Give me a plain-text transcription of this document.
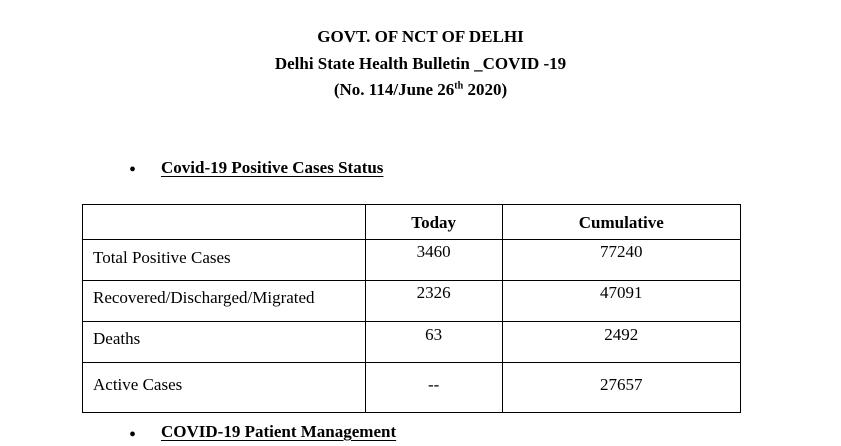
GOVT. OF NCT OF DELHI
Delhi State Health Bulletin _COVID -19
(No. 114/June 26th 2020)
• Covid-19 Positive Cases Status
	Today	Cumulative
Total Positive Cases	3460	77240
Recovered/Discharged/Migrated	2326	47091
Deaths	63	2492
Active Cases	--	27657
• COVID-19 Patient Management
